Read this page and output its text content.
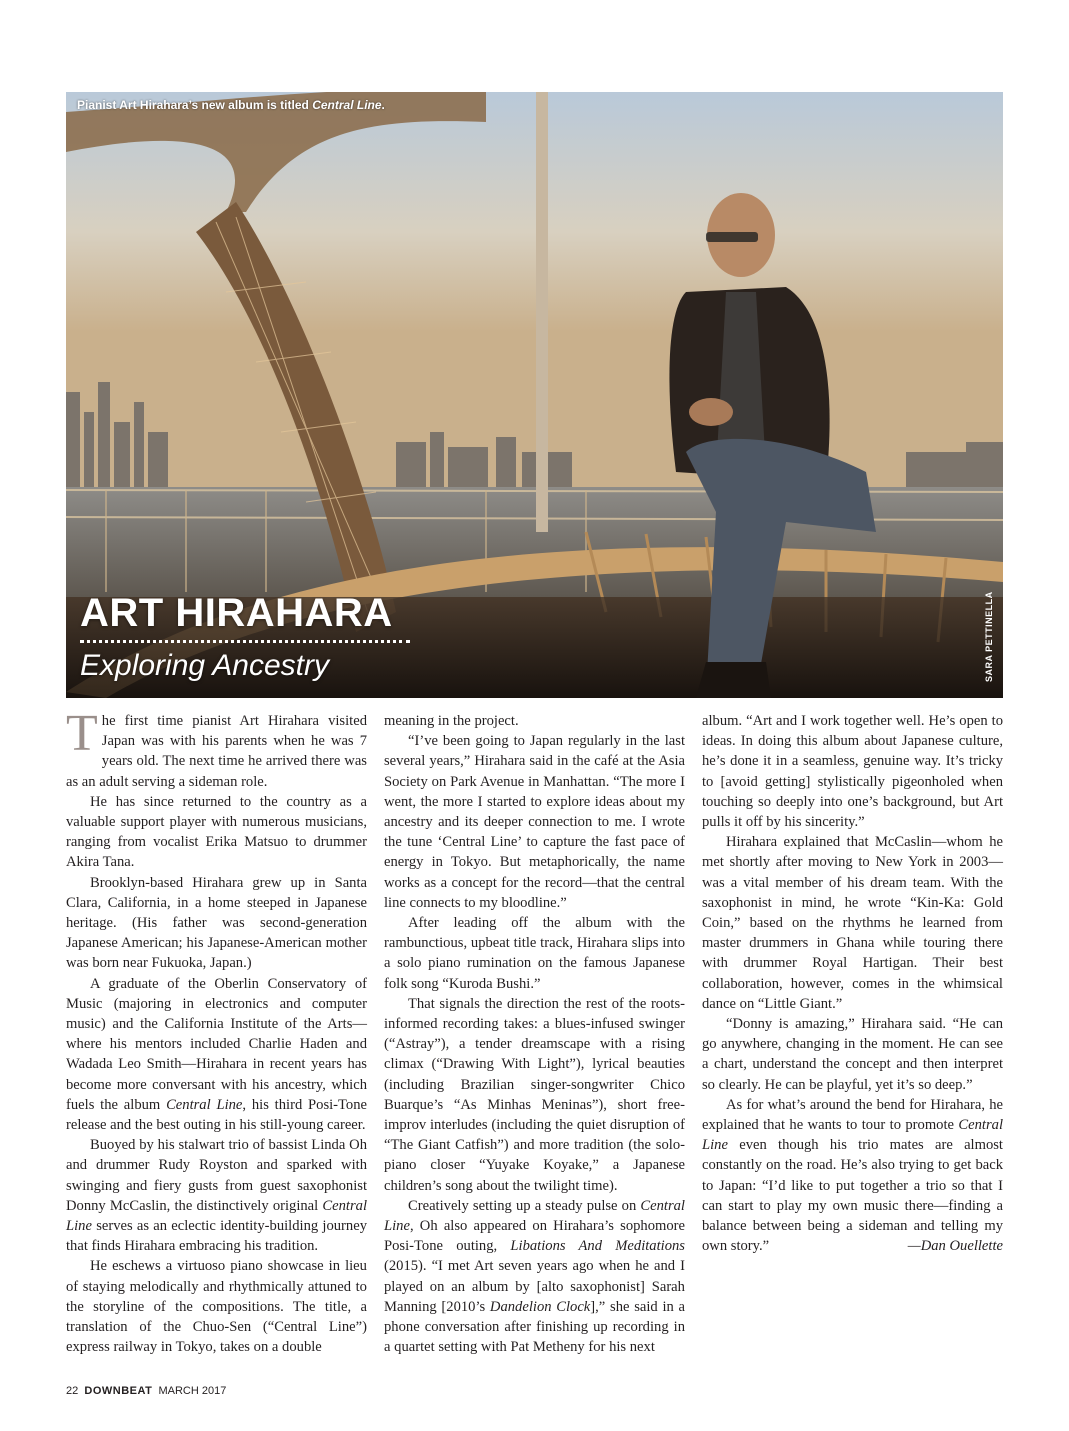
Pianist Art Hirahara’s new album is titled Central Line.
ART HIRAHARA
Exploring Ancestry	SARA PETTINELLA

The first time pianist Art Hirahara visited Japan was with his parents when he was 7 years old. The next time he arrived there was as an adult serving a sideman role.

He has since returned to the country as a valuable support player with numerous musicians, ranging from vocalist Erika Matsuo to drummer Akira Tana.

Brooklyn-based Hirahara grew up in Santa Clara, California, in a home steeped in Japanese heritage. (His father was second-generation Japanese American; his Japanese-American mother was born near Fukuoka, Japan.)

A graduate of the Oberlin Conservatory of Music (majoring in electronics and computer music) and the California Institute of the Arts—where his mentors included Charlie Haden and Wadada Leo Smith—Hirahara in recent years has become more conversant with his ancestry, which fuels the album Central Line, his third Posi-Tone release and the best outing in his still-young career.

Buoyed by his stalwart trio of bassist Linda Oh and drummer Rudy Royston and sparked with swinging and fiery gusts from guest saxophonist Donny McCaslin, the distinctively original Central Line serves as an eclectic identity-building journey that finds Hirahara embracing his tradition.

He eschews a virtuoso piano showcase in lieu of staying melodically and rhythmically attuned to the storyline of the compositions. The title, a translation of the Chuo-Sen (“Central Line”) express railway in Tokyo, takes on a double

meaning in the project.

“I’ve been going to Japan regularly in the last several years,” Hirahara said in the café at the Asia Society on Park Avenue in Manhattan. “The more I went, the more I started to explore ideas about my ancestry and its deeper connection to me. I wrote the tune ‘Central Line’ to capture the fast pace of energy in Tokyo. But metaphorically, the name works as a concept for the record—that the central line connects to my bloodline.”

After leading off the album with the rambunctious, upbeat title track, Hirahara slips into a solo piano rumination on the famous Japanese folk song “Kuroda Bushi.”

That signals the direction the rest of the roots-informed recording takes: a blues-infused swinger (“Astray”), a tender dreamscape with a rising climax (“Drawing With Light”), lyrical beauties (including Brazilian singer-songwriter Chico Buarque’s “As Minhas Meninas”), short free-improv interludes (including the quiet disruption of “The Giant Catfish”) and more tradition (the solo-piano closer “Yuyake Koyake,” a Japanese children’s song about the twilight time).

Creatively setting up a steady pulse on Central Line, Oh also appeared on Hirahara’s sophomore Posi-Tone outing, Libations And Meditations (2015). “I met Art seven years ago when he and I played on an album by [alto saxophonist] Sarah Manning [2010’s Dandelion Clock],” she said in a phone conversation after finishing up recording in a quartet setting with Pat Metheny for his next

album. “Art and I work together well. He’s open to ideas. In doing this album about Japanese culture, he’s done it in a seamless, genuine way. It’s tricky to [avoid getting] stylistically pigeonholed when touching so deeply into one’s background, but Art pulls it off by his sincerity.”

Hirahara explained that McCaslin—whom he met shortly after moving to New York in 2003—was a vital member of his dream team. With the saxophonist in mind, he wrote “Kin-Ka: Gold Coin,” based on the rhythms he learned from master drummers in Ghana while touring there with drummer Royal Hartigan. Their best collaboration, however, comes in the whimsical dance on “Little Giant.”

“Donny is amazing,” Hirahara said. “He can go anywhere, changing in the moment. He can see a chart, understand the concept and then interpret so clearly. He can be playful, yet it’s so deep.”

As for what’s around the bend for Hirahara, he explained that he wants to tour to promote Central Line even though his trio mates are almost constantly on the road. He’s also trying to get back to Japan: “I’d like to put together a trio so that I can start to play my own music there—finding a balance between being a sideman and telling my own story.”	—Dan Ouellette

22 DOWNBEAT MARCH 2017
